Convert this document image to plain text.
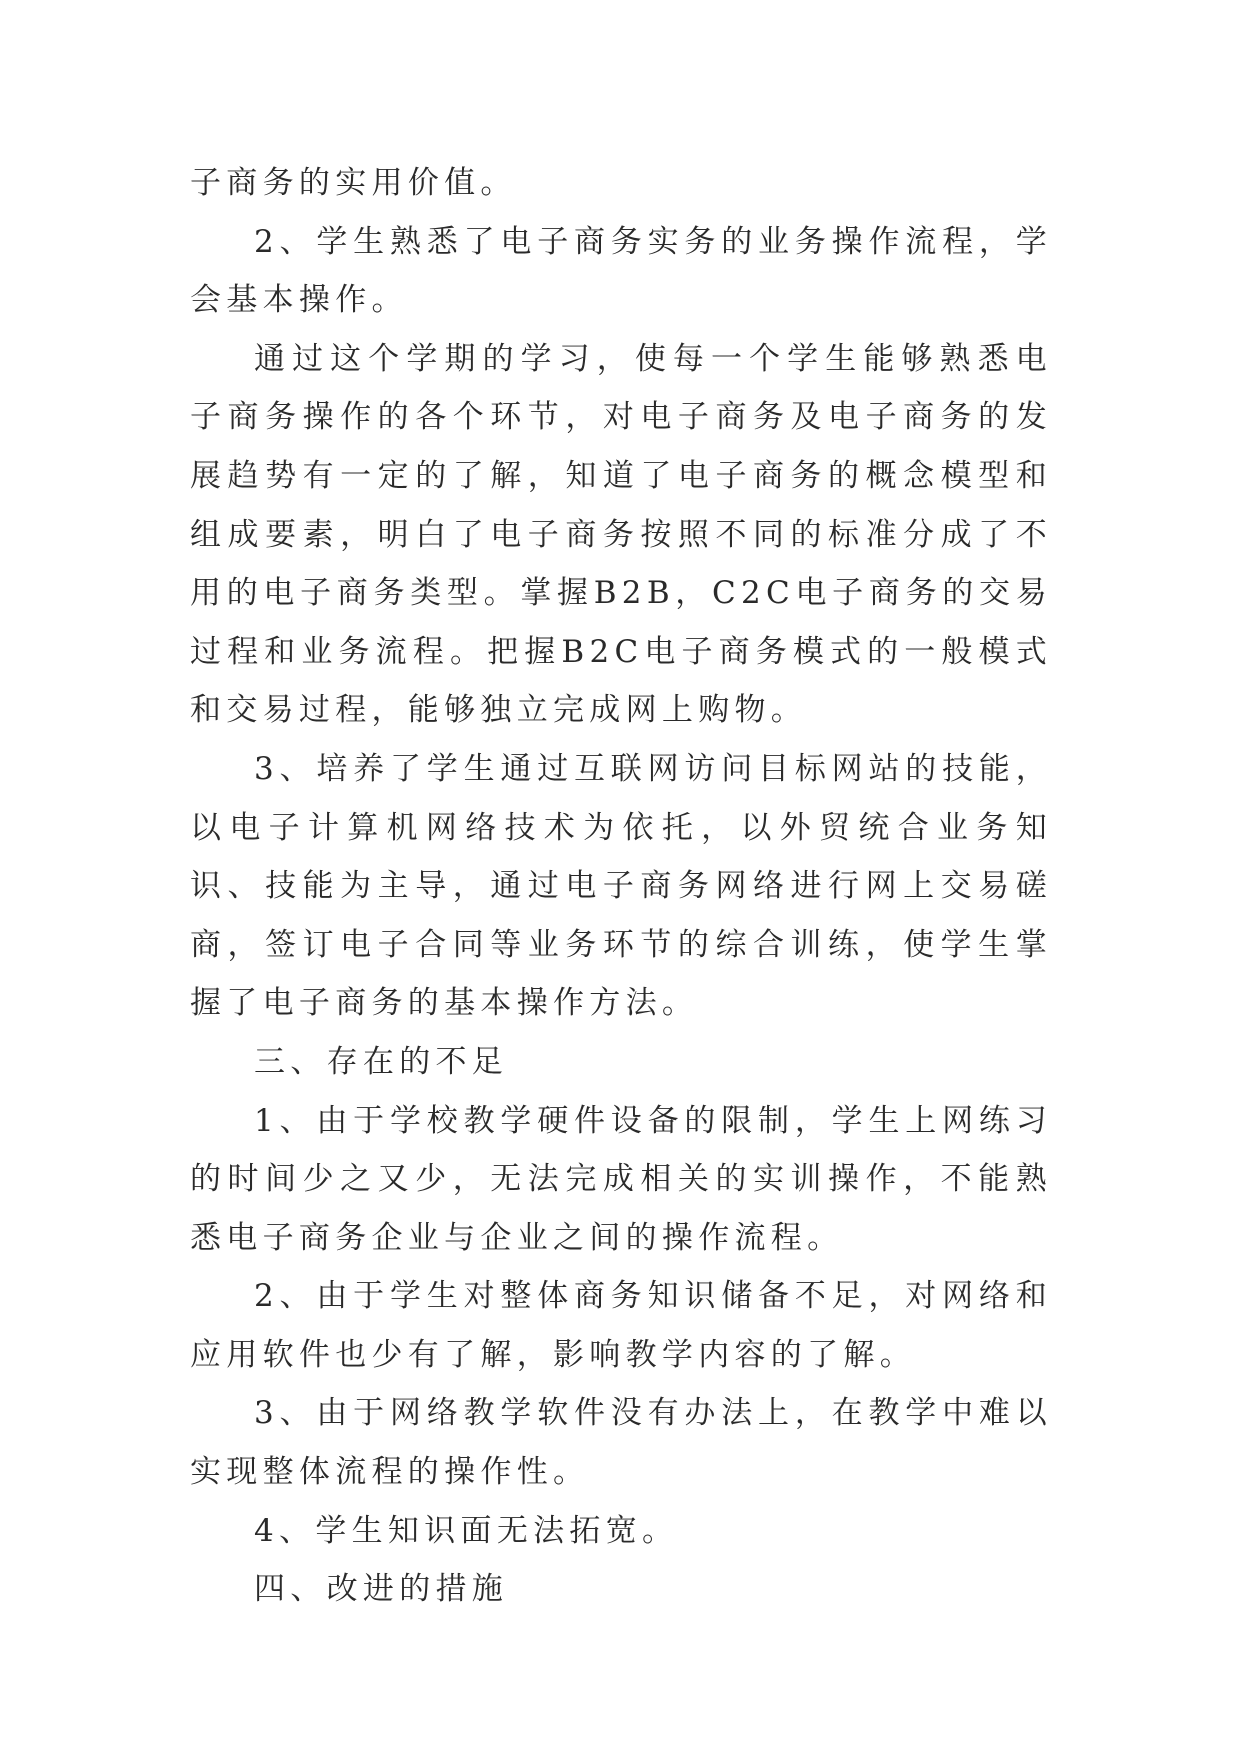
子商务的实用价值。

2、学生熟悉了电子商务实务的业务操作流程，学会基本操作。

通过这个学期的学习，使每一个学生能够熟悉电子商务操作的各个环节，对电子商务及电子商务的发展趋势有一定的了解，知道了电子商务的概念模型和组成要素，明白了电子商务按照不同的标准分成了不用的电子商务类型。掌握B2B，C2C电子商务的交易过程和业务流程。把握B2C电子商务模式的一般模式和交易过程，能够独立完成网上购物。

3、培养了学生通过互联网访问目标网站的技能，以电子计算机网络技术为依托，以外贸统合业务知识、技能为主导，通过电子商务网络进行网上交易磋商，签订电子合同等业务环节的综合训练，使学生掌握了电子商务的基本操作方法。

三、存在的不足

1、由于学校教学硬件设备的限制，学生上网练习的时间少之又少，无法完成相关的实训操作，不能熟悉电子商务企业与企业之间的操作流程。

2、由于学生对整体商务知识储备不足，对网络和应用软件也少有了解，影响教学内容的了解。

3、由于网络教学软件没有办法上，在教学中难以实现整体流程的操作性。

4、学生知识面无法拓宽。

四、改进的措施
